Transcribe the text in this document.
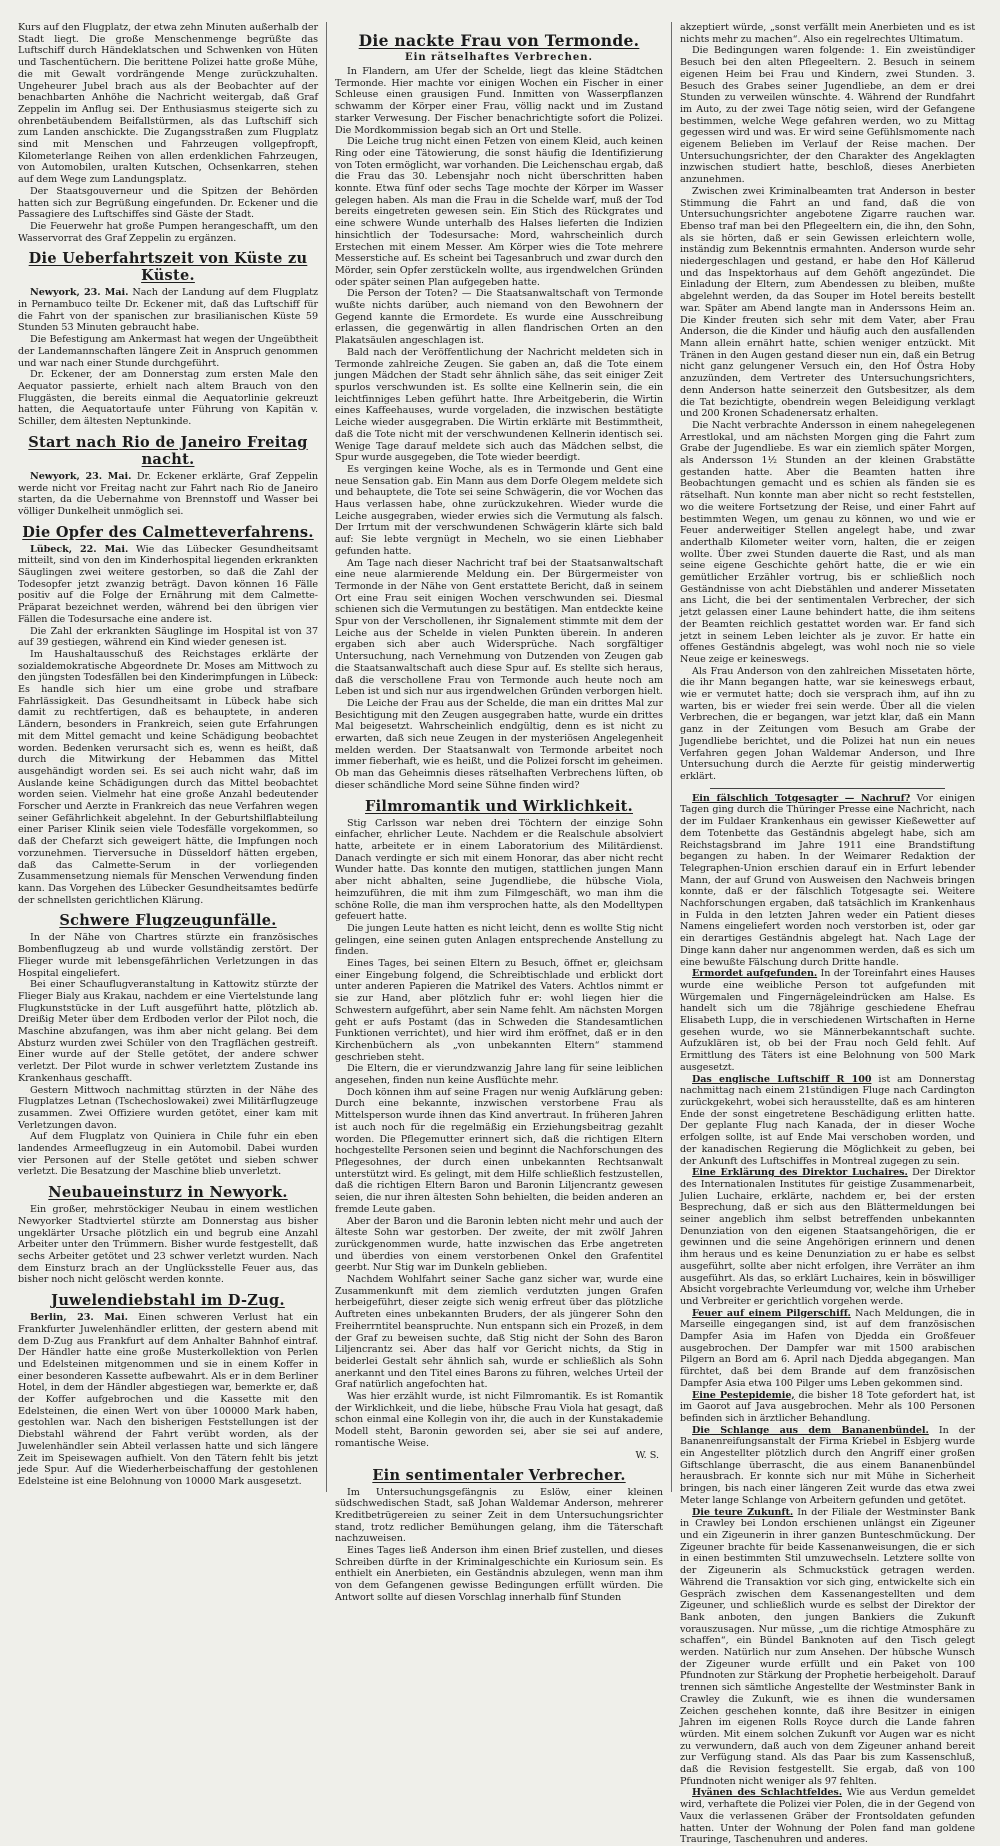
Kurs auf den Flugplatz, der etwa zehn Minuten außerhalb der Stadt liegt. Die große Menschenmenge begrüßte das Luftschiff durch Händeklatschen und Schwenken von Hüten und Taschentüchern. Die berittene Polizei hatte große Mühe, die mit Gewalt vordrängende Menge zurückzuhalten. Ungeheurer Jubel brach aus als der Beobachter auf der benachbarten Anhöhe die Nachricht weitergab, daß Graf Zeppelin im Anflug sei. Der Enthusiasmus steigerte sich zu ohrenbetäubendem Beifallstürmen, als das Luftschiff sich zum Landen anschickte. Die Zugangsstraßen zum Flugplatz sind mit Menschen und Fahrzeugen vollgepfropft, Kilometerlange Reihen von allen erdenklichen Fahrzeugen, von Automobilen, uralten Kutschen, Ochsenkarren, stehen auf dem Wege zum Landungsplatz.

Der Staatsgouverneur und die Spitzen der Behörden hatten sich zur Begrüßung eingefunden. Dr. Eckener und die Passagiere des Luftschiffes sind Gäste der Stadt.

Die Feuerwehr hat große Pumpen herangeschafft, um den Wasservorrat des Graf Zeppelin zu ergänzen.

Die Ueberfahrtszeit von Küste zu Küste.

Newyork, 23. Mai. Nach der Landung auf dem Flugplatz in Pernambuco teilte Dr. Eckener mit, daß das Luftschiff für die Fahrt von der spanischen zur brasilianischen Küste 59 Stunden 53 Minuten gebraucht habe.

Die Befestigung am Ankermast hat wegen der Ungeübtheit der Landemannschaften längere Zeit in Anspruch genommen und war nach einer Stunde durchgeführt.

Dr. Eckener, der am Donnerstag zum ersten Male den Aequator passierte, erhielt nach altem Brauch von den Fluggästen, die bereits einmal die Aequatorlinie gekreuzt hatten, die Aequatortaufe unter Führung von Kapitän v. Schiller, dem ältesten Neptunkinde.

Start nach Rio de Janeiro Freitag nacht.

Newyork, 23. Mai. Dr. Eckener erklärte, Graf Zeppelin werde nicht vor Freitag nacht zur Fahrt nach Rio de Janeiro starten, da die Uebernahme von Brennstoff und Wasser bei völliger Dunkelheit unmöglich sei.

Die Opfer des Calmetteverfahrens.

Lübeck, 22. Mai. Wie das Lübecker Gesundheitsamt mitteilt, sind von den im Kinderhospital liegenden erkrankten Säuglingen zwei weitere gestorben, so daß die Zahl der Todesopfer jetzt zwanzig beträgt. Davon können 16 Fälle positiv auf die Folge der Ernährung mit dem Calmette-Präparat bezeichnet werden, während bei den übrigen vier Fällen die Todesursache eine andere ist.

Die Zahl der erkrankten Säuglinge im Hospital ist von 37 auf 39 gestiegen, während ein Kind wieder genesen ist.

Im Haushaltausschuß des Reichstages erklärte der sozialdemokratische Abgeordnete Dr. Moses am Mittwoch zu den jüngsten Todesfällen bei den Kinderimpfungen in Lübeck: Es handle sich hier um eine grobe und strafbare Fahrlässigkeit. Das Gesundheitsamt in Lübeck habe sich damit zu rechtfertigen, daß es behauptete, in anderen Ländern, besonders in Frankreich, seien gute Erfahrungen mit dem Mittel gemacht und keine Schädigung beobachtet worden. Bedenken verursacht sich es, wenn es heißt, daß durch die Mitwirkung der Hebammen das Mittel ausgehändigt worden sei. Es sei auch nicht wahr, daß im Auslande keine Schädigungen durch das Mittel beobachtet worden seien. Vielmehr hat eine große Anzahl bedeutender Forscher und Aerzte in Frankreich das neue Verfahren wegen seiner Gefährlichkeit abgelehnt. In der Geburtshilflabteilung einer Pariser Klinik seien viele Todesfälle vorgekommen, so daß der Chefarzt sich geweigert hätte, die Impfungen noch vorzunehmen. Tierversuche in Düsseldorf hätten ergeben, daß das Calmette-Serum in der vorliegenden Zusammensetzung niemals für Menschen Verwendung finden kann. Das Vorgehen des Lübecker Gesundheitsamtes bedürfe der schnellsten gerichtlichen Klärung.

Schwere Flugzeugunfälle.

In der Nähe von Chartres stürzte ein französisches Bombenflugzeug ab und wurde vollständig zerstört. Der Flieger wurde mit lebensgefährlichen Verletzungen in das Hospital eingeliefert.

Bei einer Schauflugveranstaltung in Kattowitz stürzte der Flieger Bialy aus Krakau, nachdem er eine Viertelstunde lang Flugkunststücke in der Luft ausgeführt hatte, plötzlich ab. Dreißig Meter über dem Erdboden verlor der Pilot noch, die Maschine abzufangen, was ihm aber nicht gelang. Bei dem Absturz wurden zwei Schüler von den Tragflächen gestreift. Einer wurde auf der Stelle getötet, der andere schwer verletzt. Der Pilot wurde in schwer verletztem Zustande ins Krankenhaus geschafft.

Gestern Mittwoch nachmittag stürzten in der Nähe des Flugplatzes Letnan (Tschechoslowakei) zwei Militärflugzeuge zusammen. Zwei Offiziere wurden getötet, einer kam mit Verletzungen davon.

Auf dem Flugplatz von Quiniera in Chile fuhr ein eben landendes Armeeflugzeug in ein Automobil. Dabei wurden vier Personen auf der Stelle getötet und sieben schwer verletzt. Die Besatzung der Maschine blieb unverletzt.

Neubaueinsturz in Newyork.

Ein großer, mehrstöckiger Neubau in einem westlichen Newyorker Stadtviertel stürzte am Donnerstag aus bisher ungeklärter Ursache plötzlich ein und begrub eine Anzahl Arbeiter unter den Trümmern. Bisher wurde festgestellt, daß sechs Arbeiter getötet und 23 schwer verletzt wurden. Nach dem Einsturz brach an der Unglücksstelle Feuer aus, das bisher noch nicht gelöscht werden konnte.

Juwelendiebstahl im D-Zug.

Berlin, 23. Mai. Einen schweren Verlust hat ein Frankfurter Juwelenhändler erlitten, der gestern abend mit dem D-Zug aus Frankfurt auf dem Anhalter Bahnhof eintraf. Der Händler hatte eine große Musterkollektion von Perlen und Edelsteinen mitgenommen und sie in einem Koffer in einer besonderen Kassette aufbewahrt. Als er in dem Berliner Hotel, in dem der Händler abgestiegen war, bemerkte er, daß der Koffer aufgebrochen und die Kassette mit den Edelsteinen, die einen Wert von über 100000 Mark haben, gestohlen war. Nach den bisherigen Feststellungen ist der Diebstahl während der Fahrt verübt worden, als der Juwelenhändler sein Abteil verlassen hatte und sich längere Zeit im Speisewagen aufhielt. Von den Tätern fehlt bis jetzt jede Spur. Auf die Wiederherbeischaffung der gestohlenen Edelsteine ist eine Belohnung von 10000 Mark ausgesetzt.

Die nackte Frau von Termonde.
Ein rätselhaftes Verbrechen.

In Flandern, am Ufer der Schelde, liegt das kleine Städtchen Termonde. Hier machte vor einigen Wochen ein Fischer in einer Schleuse einen grausigen Fund. Inmitten von Wasserpflanzen schwamm der Körper einer Frau, völlig nackt und im Zustand starker Verwesung. Der Fischer benachrichtigte sofort die Polizei. Die Mordkommission begab sich an Ort und Stelle.

Die Leiche trug nicht einen Fetzen von einem Kleid, auch keinen Ring oder eine Tätowierung, die sonst häufig die Identifizierung von Toten ermöglicht, war vorhanden. Die Leichenschau ergab, daß die Frau das 30. Lebensjahr noch nicht überschritten haben konnte. Etwa fünf oder sechs Tage mochte der Körper im Wasser gelegen haben. Als man die Frau in die Schelde warf, muß der Tod bereits eingetreten gewesen sein. Ein Stich des Rückgrates und eine schwere Wunde unterhalb des Halses lieferten die Indizien hinsichtlich der Todesursache: Mord, wahrscheinlich durch Erstechen mit einem Messer. Am Körper wies die Tote mehrere Messerstiche auf. Es scheint bei Tagesanbruch und zwar durch den Mörder, sein Opfer zerstückeln wollte, aus irgendwelchen Gründen oder später seinen Plan aufgegeben hatte.

Die Person der Toten? — Die Staatsanwaltschaft von Termonde wußte nichts darüber, auch niemand von den Bewohnern der Gegend kannte die Ermordete. Es wurde eine Ausschreibung erlassen, die gegenwärtig in allen flandrischen Orten an den Plakatsäulen angeschlagen ist.

Bald nach der Veröffentlichung der Nachricht meldeten sich in Termonde zahlreiche Zeugen. Sie gaben an, daß die Tote einem jungen Mädchen der Stadt sehr ähnlich sähe, das seit einiger Zeit spurlos verschwunden ist. Es sollte eine Kellnerin sein, die ein leichtfinniges Leben geführt hatte. Ihre Arbeitgeberin, die Wirtin eines Kaffeehauses, wurde vorgeladen, die inzwischen bestätigte Leiche wieder ausgegraben. Die Wirtin erklärte mit Bestimmtheit, daß die Tote nicht mit der verschwundenen Kellnerin identisch sei. Wenige Tage darauf meldete sich auch das Mädchen selbst, die Spur wurde ausgegeben, die Tote wieder beerdigt.

Es vergingen keine Woche, als es in Termonde und Gent eine neue Sensation gab. Ein Mann aus dem Dorfe Olegem meldete sich und behauptete, die Tote sei seine Schwägerin, die vor Wochen das Haus verlassen habe, ohne zurückzukehren. Wieder wurde die Leiche ausgegraben, wieder erwies sich die Vermutung als falsch. Der Irrtum mit der verschwundenen Schwägerin klärte sich bald auf: Sie lebte vergnügt in Mecheln, wo sie einen Liebhaber gefunden hatte.

Am Tage nach dieser Nachricht traf bei der Staatsanwaltschaft eine neue alarmierende Meldung ein. Der Bürgermeister von Termonde in der Nähe von Gent erstattete Bericht, daß in seinem Ort eine Frau seit einigen Wochen verschwunden sei. Diesmal schienen sich die Vermutungen zu bestätigen. Man entdeckte keine Spur von der Verschollenen, ihr Signalement stimmte mit dem der Leiche aus der Schelde in vielen Punkten überein. In anderen ergaben sich aber auch Widersprüche. Nach sorgfältiger Untersuchung, nach Vernehmung von Dutzenden von Zeugen gab die Staatsanwaltschaft auch diese Spur auf. Es stellte sich heraus, daß die verschollene Frau von Termonde auch heute noch am Leben ist und sich nur aus irgendwelchen Gründen verborgen hielt.

Die Leiche der Frau aus der Schelde, die man ein drittes Mal zur Besichtigung mit den Zeugen ausgegraben hatte, wurde ein drittes Mal beigesetzt. Wahrscheinlich endgültig, denn es ist nicht zu erwarten, daß sich neue Zeugen in der mysteriösen Angelegenheit melden werden. Der Staatsanwalt von Termonde arbeitet noch immer fieberhaft, wie es heißt, und die Polizei forscht im geheimen. Ob man das Geheimnis dieses rätselhaften Verbrechens lüften, ob dieser schändliche Mord seine Sühne finden wird?

Filmromantik und Wirklichkeit.

Stig Carlsson war neben drei Töchtern der einzige Sohn einfacher, ehrlicher Leute. Nachdem er die Realschule absolviert hatte, arbeitete er in einem Laboratorium des Militärdienst. Danach verdingte er sich mit einem Honorar, das aber nicht recht Wunder hatte. Das konnte den mutigen, stattlichen jungen Mann aber nicht abhalten, seine Jugendliebe, die hübsche Viola, heimzuführen, die mit ihm zum Filmgeschäft, wo man ihm die schöne Rolle, die man ihm versprochen hatte, als den Modelltypen gefeuert hatte.

Die jungen Leute hatten es nicht leicht, denn es wollte Stig nicht gelingen, eine seinen guten Anlagen entsprechende Anstellung zu finden.

Eines Tages, bei seinen Eltern zu Besuch, öffnet er, gleichsam einer Eingebung folgend, die Schreibtischlade und erblickt dort unter anderen Papieren die Matrikel des Vaters. Achtlos nimmt er sie zur Hand, aber plötzlich fuhr er: wohl liegen hier die Schwestern aufgeführt, aber sein Name fehlt. Am nächsten Morgen geht er aufs Postamt (das in Schweden die Standesamtlichen Funktionen verrichtet), und hier wird ihm eröffnet, daß er in den Kirchenbüchern als „von unbekannten Eltern“ stammend geschrieben steht.

Die Eltern, die er vierundzwanzig Jahre lang für seine leiblichen angesehen, finden nun keine Ausflüchte mehr.

Doch können ihm auf seine Fragen nur wenig Aufklärung geben: Durch eine bekannte, inzwischen verstorbene Frau als Mittelsperson wurde ihnen das Kind anvertraut. In früheren Jahren ist auch noch für die regelmäßig ein Erziehungsbeitrag gezahlt worden. Die Pflegemutter erinnert sich, daß die richtigen Eltern hochgestellte Personen seien und beginnt die Nachforschungen des Pflegesohnes, der durch einen unbekannten Rechtsanwalt unterstützt wird. Es gelingt, mit dem Hilfe schließlich festzustellen, daß die richtigen Eltern Baron und Baronin Liljencrantz gewesen seien, die nur ihren ältesten Sohn behielten, die beiden anderen an fremde Leute gaben.

Aber der Baron und die Baronin lebten nicht mehr und auch der älteste Sohn war gestorben. Der zweite, der mit zwölf Jahren zurückgenommen wurde, hatte inzwischen das Erbe angetreten und überdies von einem verstorbenen Onkel den Grafentitel geerbt. Nur Stig war im Dunkeln geblieben.

Nachdem Wohlfahrt seiner Sache ganz sicher war, wurde eine Zusammenkunft mit dem ziemlich verdutzten jungen Grafen herbeigeführt, dieser zeigte sich wenig erfreut über das plötzliche Auftreten eines unbekannten Bruders, der als jüngerer Sohn den Freiherrntitel beanspruchte. Nun entspann sich ein Prozeß, in dem der Graf zu beweisen suchte, daß Stig nicht der Sohn des Baron Liljencrantz sei. Aber das half vor Gericht nichts, da Stig in beiderlei Gestalt sehr ähnlich sah, wurde er schließlich als Sohn anerkannt und den Titel eines Barons zu führen, welches Urteil der Graf natürlich angefochten hat.

Was hier erzählt wurde, ist nicht Filmromantik. Es ist Romantik der Wirklichkeit, und die liebe, hübsche Frau Viola hat gesagt, daß schon einmal eine Kollegin von ihr, die auch in der Kunstakademie Modell steht, Baronin geworden sei, aber sie sei auf andere, romantische Weise.

W. S.
Ein sentimentaler Verbrecher.

Im Untersuchungsgefängnis zu Eslöw, einer kleinen südschwedischen Stadt, saß Johan Waldemar Anderson, mehrerer Kreditbetrügereien zu seiner Zeit in dem Untersuchungsrichter stand, trotz redlicher Bemühungen gelang, ihm die Täterschaft nachzuweisen.

Eines Tages ließ Anderson ihm einen Brief zustellen, und dieses Schreiben dürfte in der Kriminalgeschichte ein Kuriosum sein. Es enthielt ein Anerbieten, ein Geständnis abzulegen, wenn man ihm von dem Gefangenen gewisse Bedingungen erfüllt würden. Die Antwort sollte auf diesen Vorschlag innerhalb fünf Stunden

akzeptiert würde, „sonst verfällt mein Anerbieten und es ist nichts mehr zu machen“. Also ein regelrechtes Ultimatum.

Die Bedingungen waren folgende: 1. Ein zweistündiger Besuch bei den alten Pflegeeltern. 2. Besuch in seinem eigenen Heim bei Frau und Kindern, zwei Stunden. 3. Besuch des Grabes seiner Jugendliebe, an dem er drei Stunden zu verweilen wünschte. 4. Während der Rundfahrt im Auto, zu der zwei Tage nötig seien, wird der Gefangene bestimmen, welche Wege gefahren werden, wo zu Mittag gegessen wird und was. Er wird seine Gefühlsmomente nach eigenem Belieben im Verlauf der Reise machen. Der Untersuchungsrichter, der den Charakter des Angeklagten inzwischen studiert hatte, beschloß, dieses Anerbieten anzunehmen.

Zwischen zwei Kriminalbeamten trat Anderson in bester Stimmung die Fahrt an und fand, daß die von Untersuchungsrichter angebotene Zigarre rauchen war. Ebenso traf man bei den Pflegeeltern ein, die ihn, den Sohn, als sie hörten, daß er sein Gewissen erleichtern wolle, inständig zum Bekenntnis ermahnten. Anderson wurde sehr niedergeschlagen und gestand, er habe den Hof Källerud und das Inspektorhaus auf dem Gehöft angezündet. Die Einladung der Eltern, zum Abendessen zu bleiben, mußte abgelehnt werden, da das Souper im Hotel bereits bestellt war. Später am Abend langte man in Anderssons Heim an. Die Kinder freuten sich sehr mit dem Vater, aber Frau Anderson, die die Kinder und häufig auch den ausfallenden Mann allein ernährt hatte, schien weniger entzückt. Mit Tränen in den Augen gestand dieser nun ein, daß ein Betrug nicht ganz gelungener Versuch ein, den Hof Östra Hoby anzuzünden, dem Vertreter des Untersuchungsrichters, denn Anderson hatte seinerzeit den Gutsbesitzer, als dem die Tat bezichtigte, obendrein wegen Beleidigung verklagt und 200 Kronen Schadenersatz erhalten.

Die Nacht verbrachte Andersson in einem nahegelegenen Arrestlokal, und am nächsten Morgen ging die Fahrt zum Grabe der Jugendliebe. Es war ein ziemlich später Morgen, als Andersson 1½ Stunden an der kleinen Grabstätte gestanden hatte. Aber die Beamten hatten ihre Beobachtungen gemacht und es schien als fänden sie es rätselhaft. Nun konnte man aber nicht so recht feststellen, wo die weitere Fortsetzung der Reise, und einer Fahrt auf bestimmten Wegen, um genau zu können, wo und wie er Feuer anderweitiger Stellen angelegt habe, und zwar anderthalb Kilometer weiter vorn, halten, die er zeigen wollte. Über zwei Stunden dauerte die Rast, und als man seine eigene Geschichte gehört hatte, die er wie ein gemütlicher Erzähler vortrug, bis er schließlich noch Geständnisse von acht Diebstählen und anderer Missetaten ans Licht, die bei der sentimentalen Verbrecher, der sich jetzt gelassen einer Laune behindert hatte, die ihm seitens der Beamten reichlich gestattet worden war. Er fand sich jetzt in seinem Leben leichter als je zuvor. Er hatte ein offenes Geständnis abgelegt, was wohl noch nie so viele Neue zeige er keineswegs.

Als Frau Anderson von den zahlreichen Missetaten hörte, die ihr Mann begangen hatte, war sie keineswegs erbaut, wie er vermutet hatte; doch sie versprach ihm, auf ihn zu warten, bis er wieder frei sein werde. Über all die vielen Verbrechen, die er begangen, war jetzt klar, daß ein Mann ganz in der Zeitungen vom Besuch am Grabe der Jugendliebe berichtet, und die Polizei hat nun ein neues Verfahren gegen Johan Waldemar Anderson, und Ihre Untersuchung durch die Aerzte für geistig minderwertig erklärt.

Ein fälschlich Totgesagter — Nachruf? Vor einigen Tagen ging durch die Thüringer Presse eine Nachricht, nach der im Fuldaer Krankenhaus ein gewisser Kießewetter auf dem Totenbette das Geständnis abgelegt habe, sich am Reichstagsbrand im Jahre 1911 eine Brandstiftung begangen zu haben. In der Weimarer Redaktion der Telegraphen-Union erschien darauf ein in Erfurt lebender Mann, der auf Grund von Ausweisen den Nachweis bringen konnte, daß er der fälschlich Totgesagte sei. Weitere Nachforschungen ergaben, daß tatsächlich im Krankenhaus in Fulda in den letzten Jahren weder ein Patient dieses Namens eingeliefert worden noch verstorben ist, oder gar ein derartiges Geständnis abgelegt hat. Nach Lage der Dinge kann daher nur angenommen werden, daß es sich um eine bewußte Fälschung durch Dritte handle.

Ermordet aufgefunden. In der Toreinfahrt eines Hauses wurde eine weibliche Person tot aufgefunden mit Würgemalen und Fingernägeleindrücken am Halse. Es handelt sich um die 78jährige geschiedene Ehefrau Elisabeth Lupp, die in verschiedenen Wirtschaften in Herne gesehen wurde, wo sie Männerbekanntschaft suchte. Aufzuklären ist, ob bei der Frau noch Geld fehlt. Auf Ermittlung des Täters ist eine Belohnung von 500 Mark ausgesetzt.

Das englische Luftschiff R 100 ist am Donnerstag nachmittag nach einem 21stündigen Fluge nach Cardington zurückgekehrt, wobei sich herausstellte, daß es am hinteren Ende der sonst eingetretene Beschädigung erlitten hatte. Der geplante Flug nach Kanada, der in dieser Woche erfolgen sollte, ist auf Ende Mai verschoben worden, und der kanadischen Regierung die Möglichkeit zu geben, bei der Ankunft des Luftschiffes in Montreal zugegen zu sein.

Eine Erklärung des Direktor Luchaires. Der Direktor des Internationalen Institutes für geistige Zusammenarbeit, Julien Luchaire, erklärte, nachdem er, bei der ersten Besprechung, daß er sich aus den Blättermeldungen bei seiner angeblich ihm selbst betreffenden unbekannten Denunziation von den eigenen Staatsangehörigen, die er gewinnen und die seine Angehörigen erinnern und denen ihm heraus und es keine Denunziation zu er habe es selbst ausgeführt, sollte aber nicht erfolgen, ihre Verräter an ihm ausgeführt. Als das, so erklärt Luchaires, kein in böswilliger Absicht vorgebrachte Verleumdung vor, welche ihm Urheber und Verbreiter er gerichtlich vorgehen werde.

Feuer auf einem Pilgerschiff. Nach Meldungen, die in Marseille eingegangen sind, ist auf dem französischen Dampfer Asia im Hafen von Djedda ein Großfeuer ausgebrochen. Der Dampfer war mit 1500 arabischen Pilgern an Bord am 6. April nach Djedda abgegangen. Man fürchtet, daß bei dem Brande auf dem französischen Dampfer Asia etwa 100 Pilger ums Leben gekommen sind.

Eine Pestepidemie, die bisher 18 Tote gefordert hat, ist im Gaorot auf Java ausgebrochen. Mehr als 100 Personen befinden sich in ärztlicher Behandlung.

Die Schlange aus dem Bananenbündel. In der Bananenreifungsanstalt der Firma Kriebel in Esbjerg wurde ein Angestellter plötzlich durch den Angriff einer großen Giftschlange überrascht, die aus einem Bananenbündel herausbrach. Er konnte sich nur mit Mühe in Sicherheit bringen, bis nach einer längeren Zeit wurde das etwa zwei Meter lange Schlange von Arbeitern gefunden und getötet.

Die teure Zukunft. In der Filiale der Westminster Bank in Crawley bei London erschienen unlängst ein Zigeuner und ein Zigeunerin in ihrer ganzen Bunteschmückung. Der Zigeuner brachte für beide Kassenanweisungen, die er sich in einen bestimmten Stil umzuwechseln. Letztere sollte von der Zigeunerin als Schmuckstück getragen werden. Während die Transaktion vor sich ging, entwickelte sich ein Gespräch zwischen dem Kassenangestellten und dem Zigeuner, und schließlich wurde es selbst der Direktor der Bank anboten, den jungen Bankiers die Zukunft vorauszusagen. Nur müsse, „um die richtige Atmosphäre zu schaffen“, ein Bündel Banknoten auf den Tisch gelegt werden. Natürlich nur zum Ansehen. Der hübsche Wunsch der Zigeuner wurde erfüllt und ein Paket von 100 Pfundnoten zur Stärkung der Prophetie herbeigeholt. Darauf trennen sich sämtliche Angestellte der Westminster Bank in Crawley die Zukunft, wie es ihnen die wundersamen Zeichen geschehen konnte, daß ihre Besitzer in einigen Jahren im eigenen Rolls Royce durch die Lande fahren würden. Mit einem solchen Zukunft vor Augen war es nicht zu verwundern, daß auch von dem Zigeuner anhand bereit zur Verfügung stand. Als das Paar bis zum Kassenschluß, daß die Revision festgestellt. Sie ergab, daß von 100 Pfundnoten nicht weniger als 97 fehlten.

Hyänen des Schlachtfeldes. Wie aus Verdun gemeldet wird, verhaftete die Polizei vier Polen, die in der Gegend von Vaux die verlassenen Gräber der Frontsoldaten gefunden hatten. Unter der Wohnung der Polen fand man goldene Trauringe, Taschenuhren und anderes.
